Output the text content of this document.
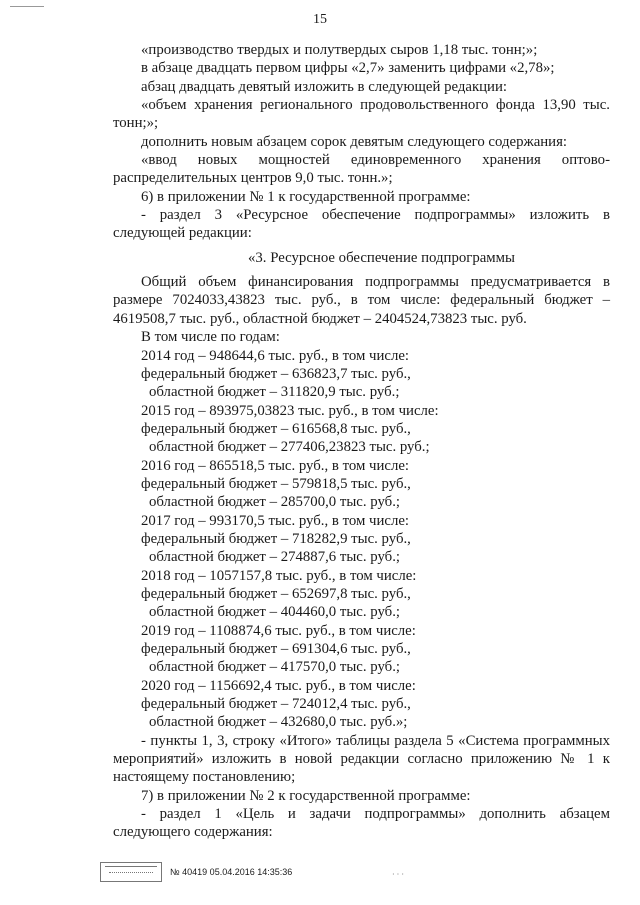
15

«производство твердых и полутвердых сыров 1,18 тыс. тонн;»;

в абзаце двадцать первом цифры «2,7» заменить цифрами «2,78»;

абзац двадцать девятый изложить в следующей редакции:

«объем хранения регионального продовольственного фонда 13,90 тыс. тонн;»;

дополнить новым абзацем сорок девятым следующего содержания:

«ввод новых мощностей единовременного хранения оптово-распределительных центров 9,0 тыс. тонн.»;

6) в приложении № 1 к государственной программе:

- раздел 3 «Ресурсное обеспечение подпрограммы» изложить в следующей редакции:

«3. Ресурсное обеспечение подпрограммы

Общий объем финансирования подпрограммы предусматривается в размере 7024033,43823 тыс. руб., в том числе: федеральный бюджет – 4619508,7 тыс. руб., областной бюджет – 2404524,73823 тыс. руб.

В том числе по годам:

2014 год – 948644,6 тыс. руб., в том числе:

федеральный бюджет – 636823,7 тыс. руб.,

областной бюджет – 311820,9 тыс. руб.;

2015 год – 893975,03823 тыс. руб., в том числе:

федеральный бюджет – 616568,8 тыс. руб.,

областной бюджет – 277406,23823 тыс. руб.;

2016 год – 865518,5 тыс. руб., в том числе:

федеральный бюджет – 579818,5 тыс. руб.,

областной бюджет – 285700,0 тыс. руб.;

2017 год – 993170,5 тыс. руб., в том числе:

федеральный бюджет – 718282,9 тыс. руб.,

областной бюджет – 274887,6 тыс. руб.;

2018 год – 1057157,8 тыс. руб., в том числе:

федеральный бюджет – 652697,8 тыс. руб.,

областной бюджет – 404460,0 тыс. руб.;

2019 год – 1108874,6 тыс. руб., в том числе:

федеральный бюджет – 691304,6 тыс. руб.,

областной бюджет – 417570,0 тыс. руб.;

2020 год – 1156692,4 тыс. руб., в том числе:

федеральный бюджет – 724012,4 тыс. руб.,

областной бюджет – 432680,0 тыс. руб.»;

- пункты 1, 3, строку «Итого» таблицы раздела 5 «Система программных мероприятий» изложить в новой редакции согласно приложению № 1 к настоящему постановлению;

7) в приложении № 2 к государственной программе:

- раздел 1 «Цель и задачи подпрограммы» дополнить абзацем следующего содержания:

№ 40419 05.04.2016 14:35:36	· · ·
